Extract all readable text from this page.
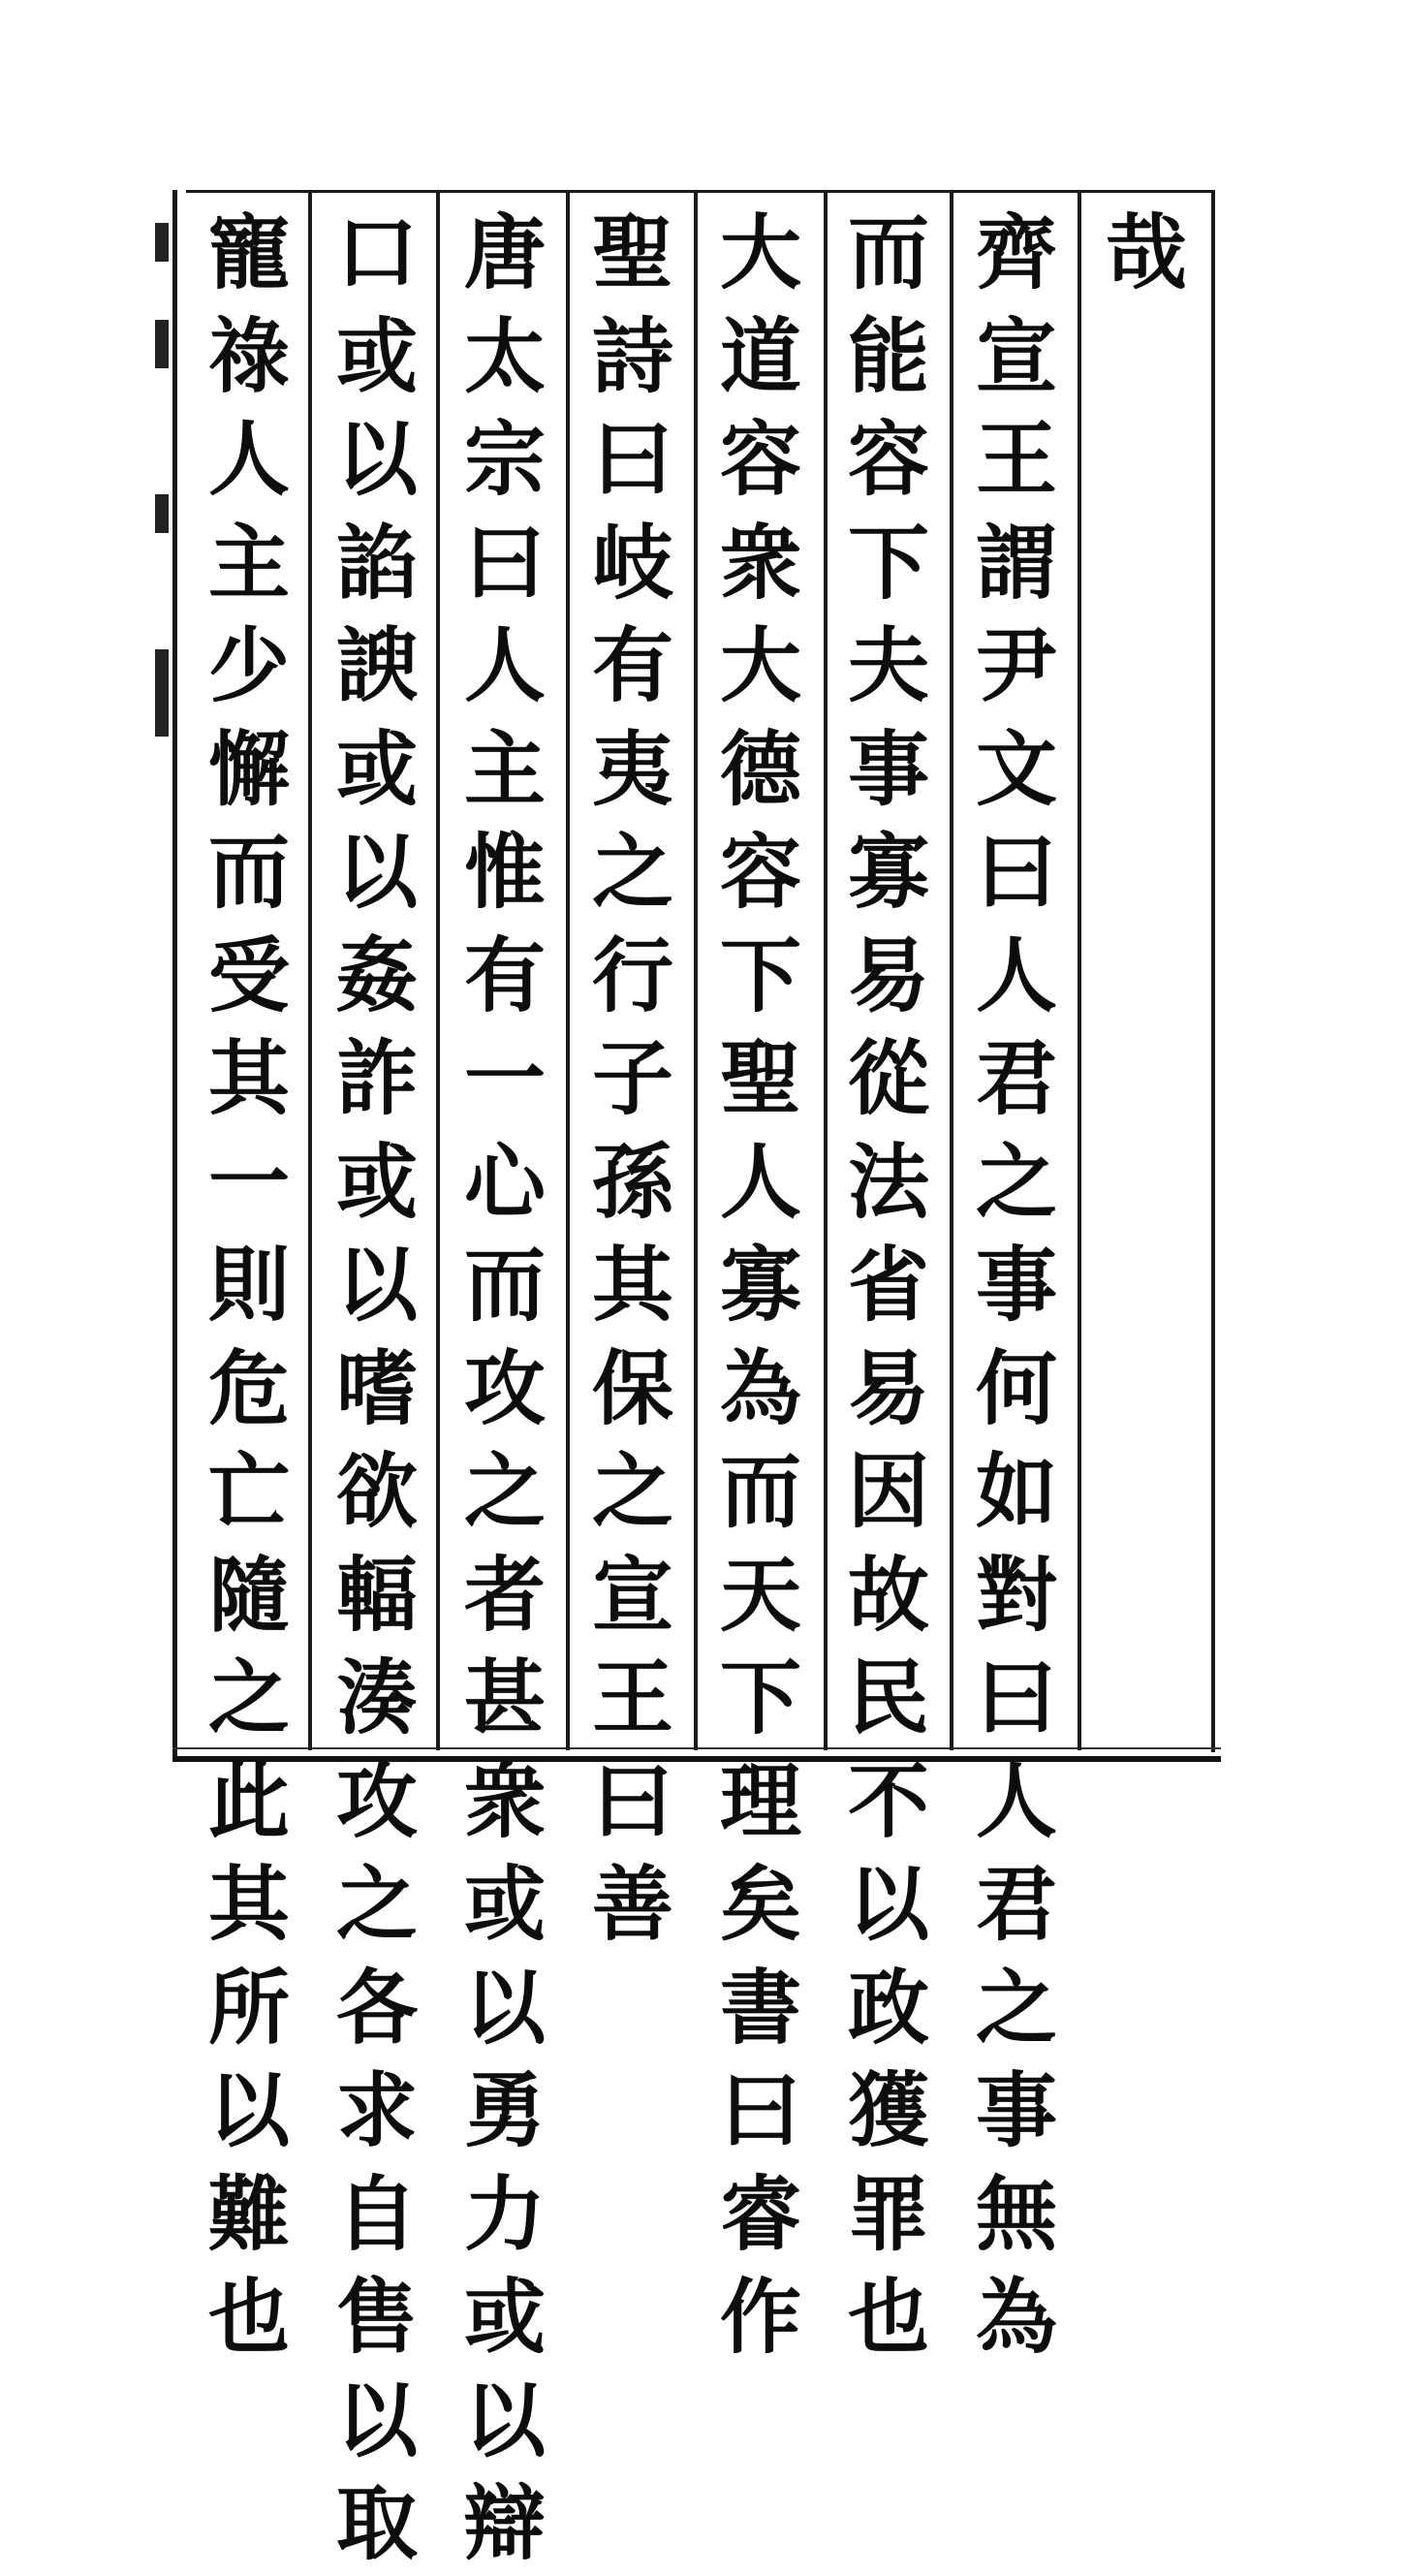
哉
齊
宣
王
謂
尹
文
曰
人
君
之
事
何
如
對
曰
人
君
之
事
無
為
而
能
容
下
夫
事
寡
易
從
法
省
易
因
故
民
不
以
政
獲
罪
也
大
道
容
衆
大
德
容
下
聖
人
寡
為
而
天
下
理
矣
書
曰
睿
作
聖
詩
曰
岐
有
夷
之
行
子
孫
其
保
之
宣
王
曰
善
唐
太
宗
曰
人
主
惟
有
一
心
而
攻
之
者
甚
衆
或
以
勇
力
或
以
辯
口
或
以
諂
諛
或
以
姦
詐
或
以
嗜
欲
輻
湊
攻
之
各
求
自
售
以
取
寵
祿
人
主
少
懈
而
受
其
一
則
危
亡
隨
之
此
其
所
以
難
也
